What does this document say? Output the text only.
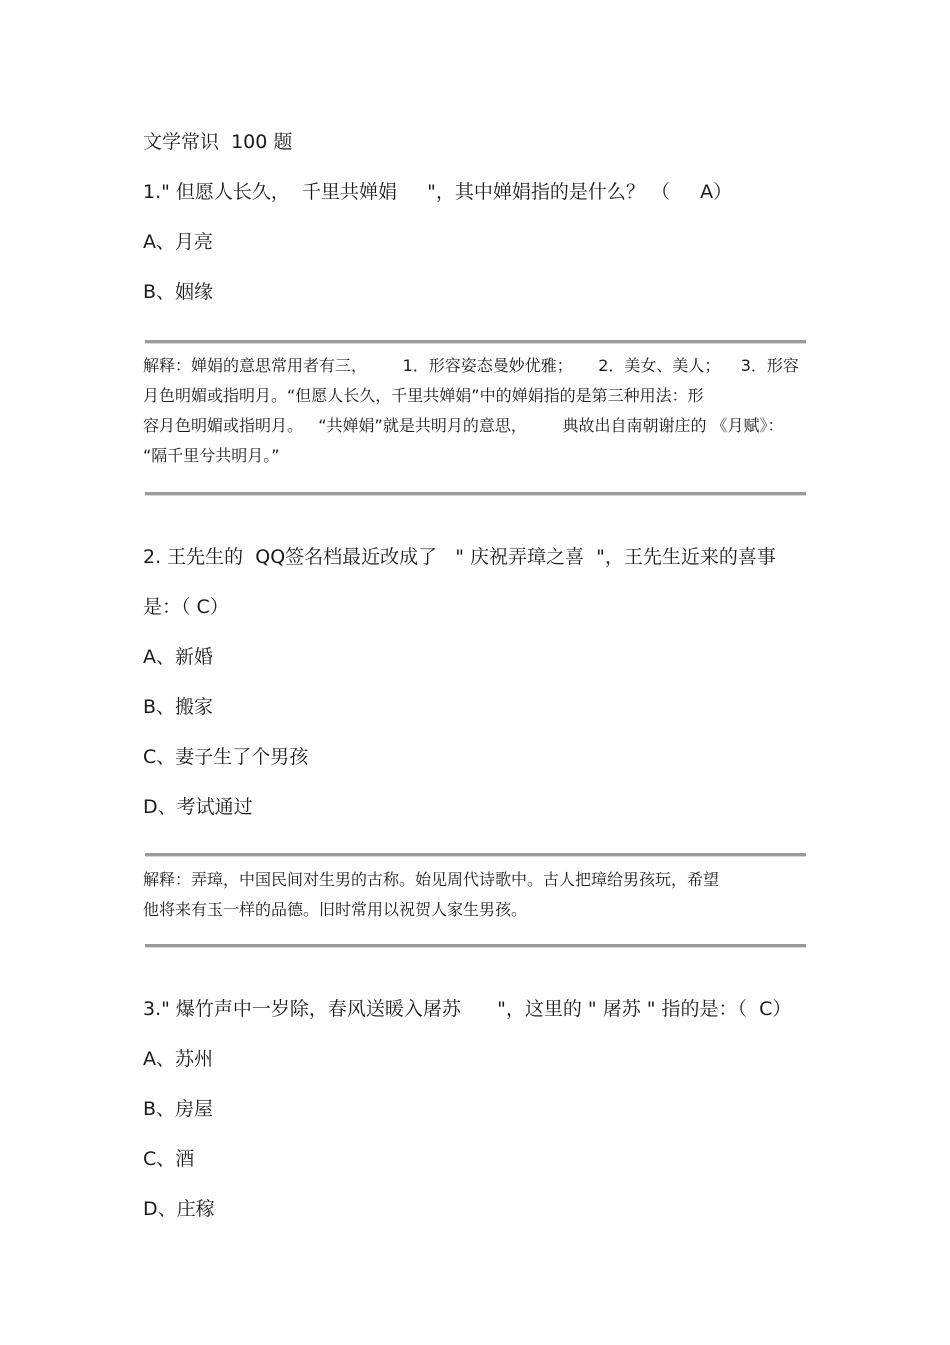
文学常识  100 题

1." 但愿人长久，  千里共婵娟     "，其中婵娟指的是什么？ （     A）

A、月亮

B、姻缘

解释：婵娟的意思常用者有三，       1．形容姿态曼妙优雅；     2．美女、美人；    3．形容

月色明媚或指明月。“但愿人长久，千里共婵娟”中的婵娟指的是第三种用法：形

容月色明媚或指明月。   “共婵娟”就是共明月的意思，       典故出自南朝谢庄的 《月赋》：

“隔千里兮共明月。”

2. 王先生的  QQ签名档最近改成了   " 庆祝弄璋之喜  "，王先生近来的喜事

是：（ C）

A、新婚

B、搬家

C、妻子生了个男孩

D、考试通过

解释：弄璋，中国民间对生男的古称。始见周代诗歌中。古人把璋给男孩玩，希望

他将来有玉一样的品德。旧时常用以祝贺人家生男孩。

3." 爆竹声中一岁除，春风送暖入屠苏      "，这里的 " 屠苏 " 指的是：（  C）

A、苏州

B、房屋

C、酒

D、庄稼
